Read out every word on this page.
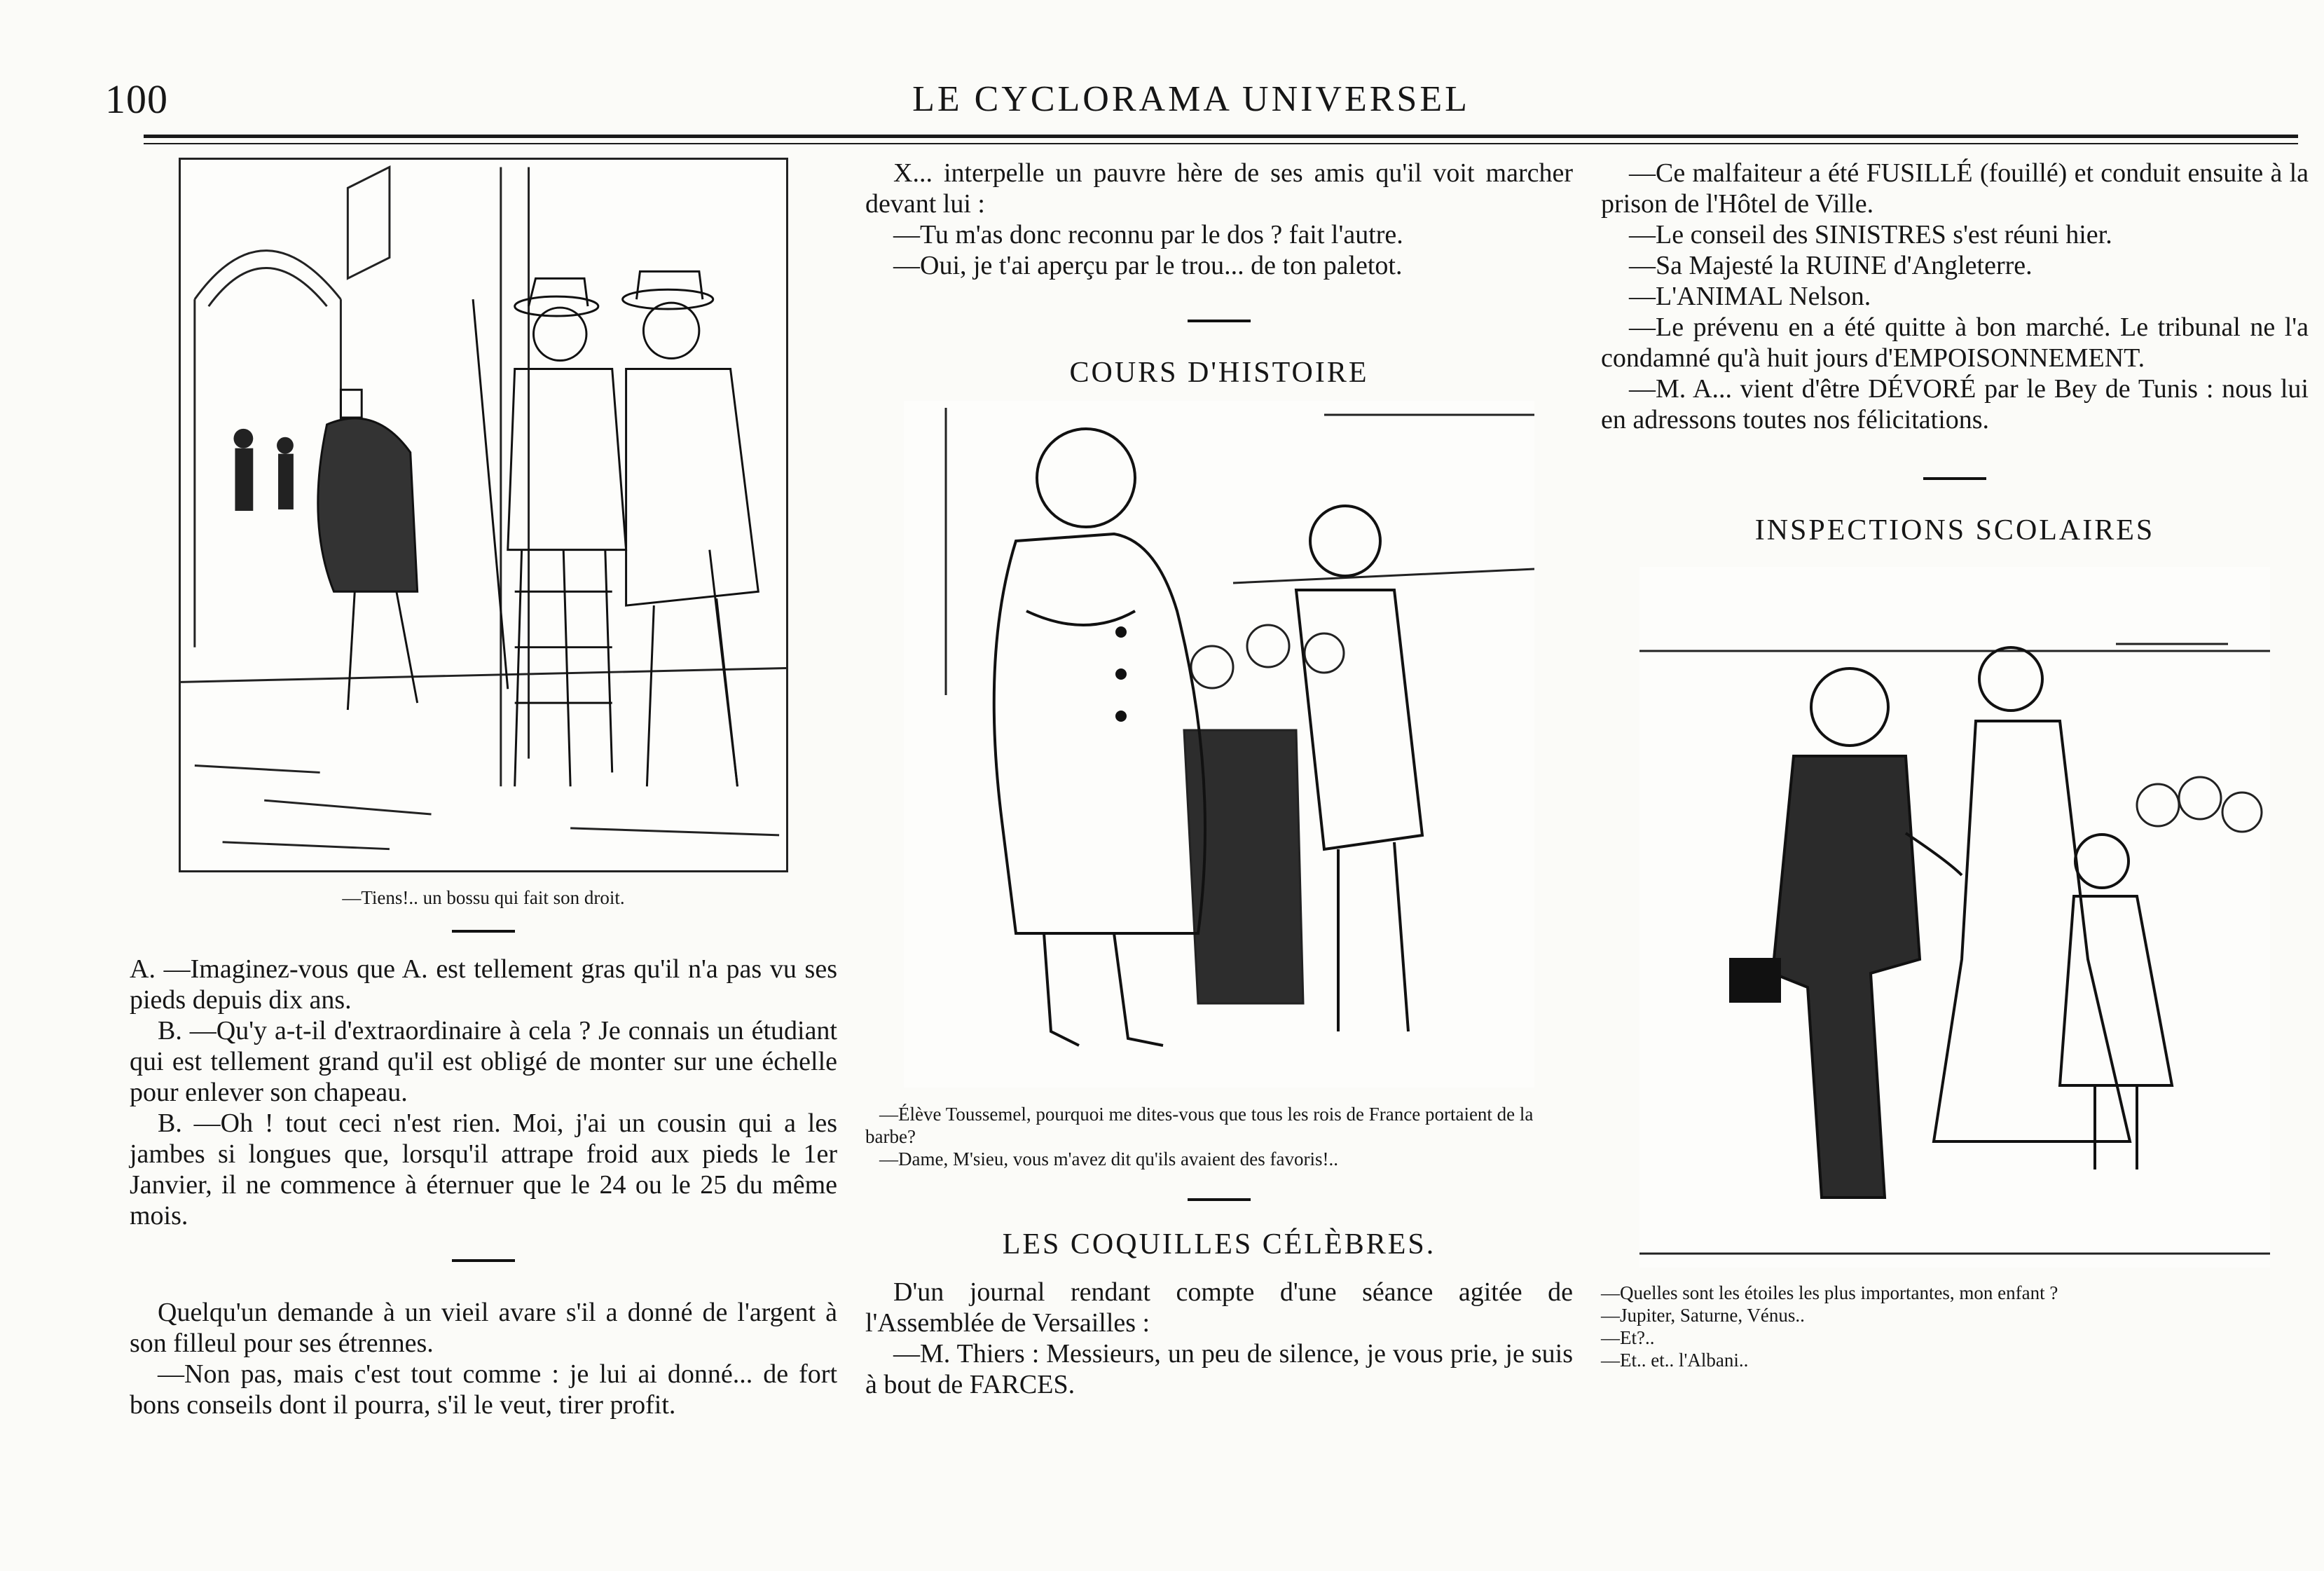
100	LE CYCLORAMA UNIVERSEL

—Tiens!.. un bossu qui fait son droit.

A. —Imaginez-vous que A. est tellement gras qu'il n'a pas vu ses pieds depuis dix ans.

B. —Qu'y a-t-il d'extraordinaire à cela ? Je connais un étudiant qui est tellement grand qu'il est obligé de monter sur une échelle pour enlever son chapeau.

B. —Oh ! tout ceci n'est rien. Moi, j'ai un cousin qui a les jambes si longues que, lorsqu'il attrape froid aux pieds le 1er Janvier, il ne commence à éternuer que le 24 ou le 25 du même mois.

Quelqu'un demande à un vieil avare s'il a donné de l'argent à son filleul pour ses étrennes.

—Non pas, mais c'est tout comme : je lui ai donné... de fort bons conseils dont il pourra, s'il le veut, tirer profit.

X... interpelle un pauvre hère de ses amis qu'il voit marcher devant lui :

—Tu m'as donc reconnu par le dos ? fait l'autre.

—Oui, je t'ai aperçu par le trou... de ton paletot.

COURS D'HISTOIRE

—Élève Toussemel, pourquoi me dites-vous que tous les rois de France portaient de la barbe?

—Dame, M'sieu, vous m'avez dit qu'ils avaient des favoris!..

LES COQUILLES CÉLÈBRES.

D'un journal rendant compte d'une séance agitée de l'Assemblée de Versailles :

—M. Thiers : Messieurs, un peu de silence, je vous prie, je suis à bout de FARCES.

—Ce malfaiteur a été FUSILLÉ (fouillé) et conduit ensuite à la prison de l'Hôtel de Ville.

—Le conseil des SINISTRES s'est réuni hier.

—Sa Majesté la RUINE d'Angleterre.

—L'ANIMAL Nelson.

—Le prévenu en a été quitte à bon marché. Le tribunal ne l'a condamné qu'à huit jours d'EMPOISONNEMENT.

—M. A... vient d'être DÉVORÉ par le Bey de Tunis : nous lui en adressons toutes nos félicitations.

INSPECTIONS SCOLAIRES

—Quelles sont les étoiles les plus importantes, mon enfant ?

—Jupiter, Saturne, Vénus..

—Et?..

—Et.. et.. l'Albani..
